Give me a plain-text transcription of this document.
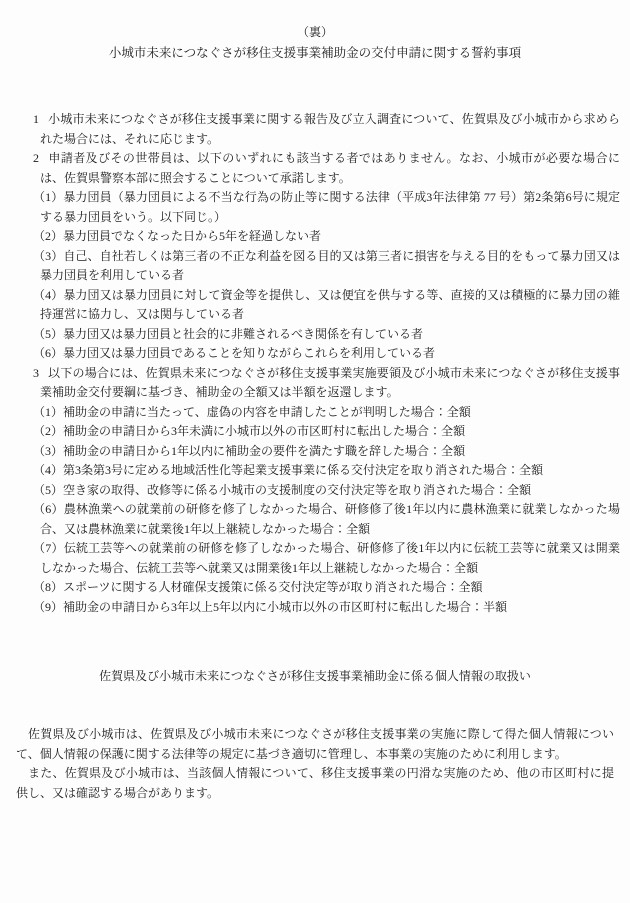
（裏）
小城市未来につなぐさが移住支援事業補助金の交付申請に関する誓約事項

1 小城市未来につなぐさが移住支援事業に関する報告及び立入調査について、佐賀県及び小城市から求められた場合には、それに応じます。

2 申請者及びその世帯員は、以下のいずれにも該当する者ではありません。なお、小城市が必要な場合には、佐賀県警察本部に照会することについて承諾します。

（1）暴力団員（暴力団員による不当な行為の防止等に関する法律（平成3年法律第 77 号）第2条第6号に規定する暴力団員をいう。以下同じ。）

（2）暴力団員でなくなった日から5年を経過しない者

（3）自己、自社若しくは第三者の不正な利益を図る目的又は第三者に損害を与える目的をもって暴力団又は暴力団員を利用している者

（4）暴力団又は暴力団員に対して資金等を提供し、又は便宜を供与する等、直接的又は積極的に暴力団の維持運営に協力し、又は関与している者

（5）暴力団又は暴力団員と社会的に非難されるべき関係を有している者

（6）暴力団又は暴力団員であることを知りながらこれらを利用している者

3 以下の場合には、佐賀県未来につなぐさが移住支援事業実施要領及び小城市未来につなぐさが移住支援事業補助金交付要綱に基づき、補助金の全額又は半額を返還します。

（1）補助金の申請に当たって、虚偽の内容を申請したことが判明した場合：全額

（2）補助金の申請日から3年未満に小城市以外の市区町村に転出した場合：全額

（3）補助金の申請日から1年以内に補助金の要件を満たす職を辞した場合：全額

（4）第3条第3号に定める地域活性化等起業支援事業に係る交付決定を取り消された場合：全額

（5）空き家の取得、改修等に係る小城市の支援制度の交付決定等を取り消された場合：全額

（6）農林漁業への就業前の研修を修了しなかった場合、研修修了後1年以内に農林漁業に就業しなかった場合、又は農林漁業に就業後1年以上継続しなかった場合：全額

（7）伝統工芸等への就業前の研修を修了しなかった場合、研修修了後1年以内に伝統工芸等に就業又は開業しなかった場合、伝統工芸等へ就業又は開業後1年以上継続しなかった場合：全額

（8）スポーツに関する人材確保支援策に係る交付決定等が取り消された場合：全額

（9）補助金の申請日から3年以上5年以内に小城市以外の市区町村に転出した場合：半額

佐賀県及び小城市未来につなぐさが移住支援事業補助金に係る個人情報の取扱い

佐賀県及び小城市は、佐賀県及び小城市未来につなぐさが移住支援事業の実施に際して得た個人情報について、個人情報の保護に関する法律等の規定に基づき適切に管理し、本事業の実施のために利用します。

また、佐賀県及び小城市は、当該個人情報について、移住支援事業の円滑な実施のため、他の市区町村に提供し、又は確認する場合があります。
